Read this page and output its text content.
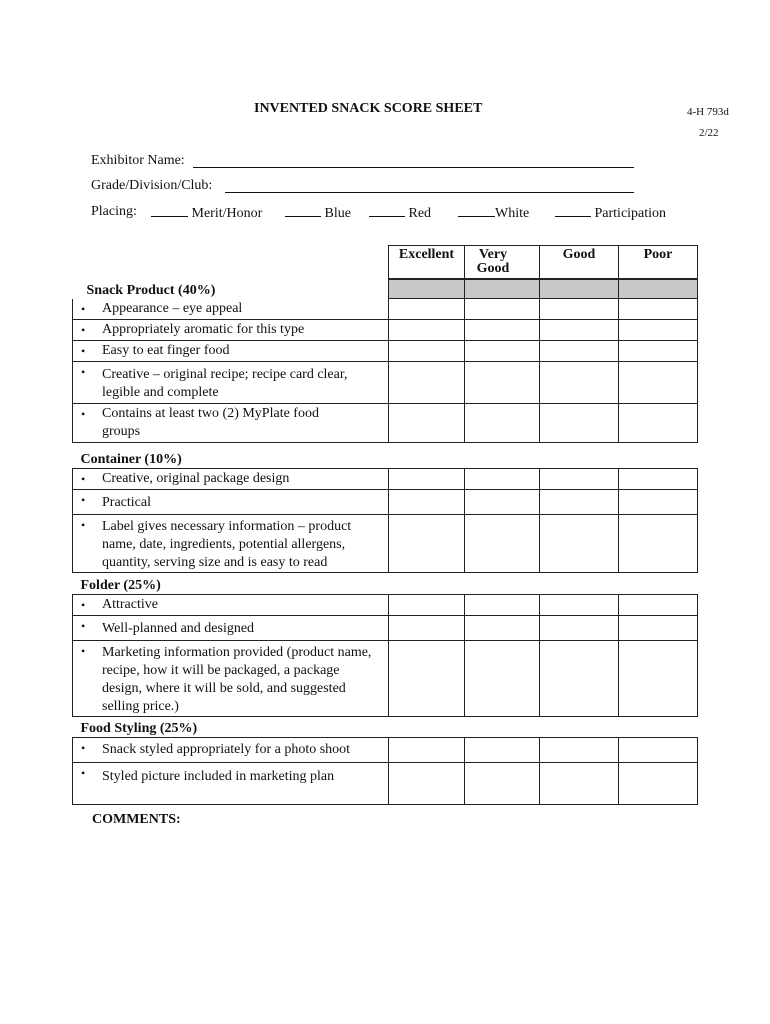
INVENTED SNACK SCORE SHEET	4-H 793d
2/22
Exhibitor Name:
Grade/Division/Club:
Placing:	Merit/Honor	Blue	Red	White	Participation
	Excellent	Very Good	Good	Poor
Snack Product (40%)				

• Appearance – eye appeal

• Appropriately aromatic for this type

• Easy to eat finger food

• Creative – original recipe; recipe card clear, legible and complete

• Contains at least two (2) MyPlate food groups

Container (10%)				

• Creative, original package design

• Practical

• Label gives necessary information – product name, date, ingredients, potential allergens, quantity, serving size and is easy to read

Folder (25%)				

• Attractive

• Well-planned and designed

• Marketing information provided (product name, recipe, how it will be packaged, a package design, where it will be sold, and suggested selling price.)

Food Styling (25%)				

• Snack styled appropriately for a photo shoot

• Styled picture included in marketing plan

COMMENTS:
